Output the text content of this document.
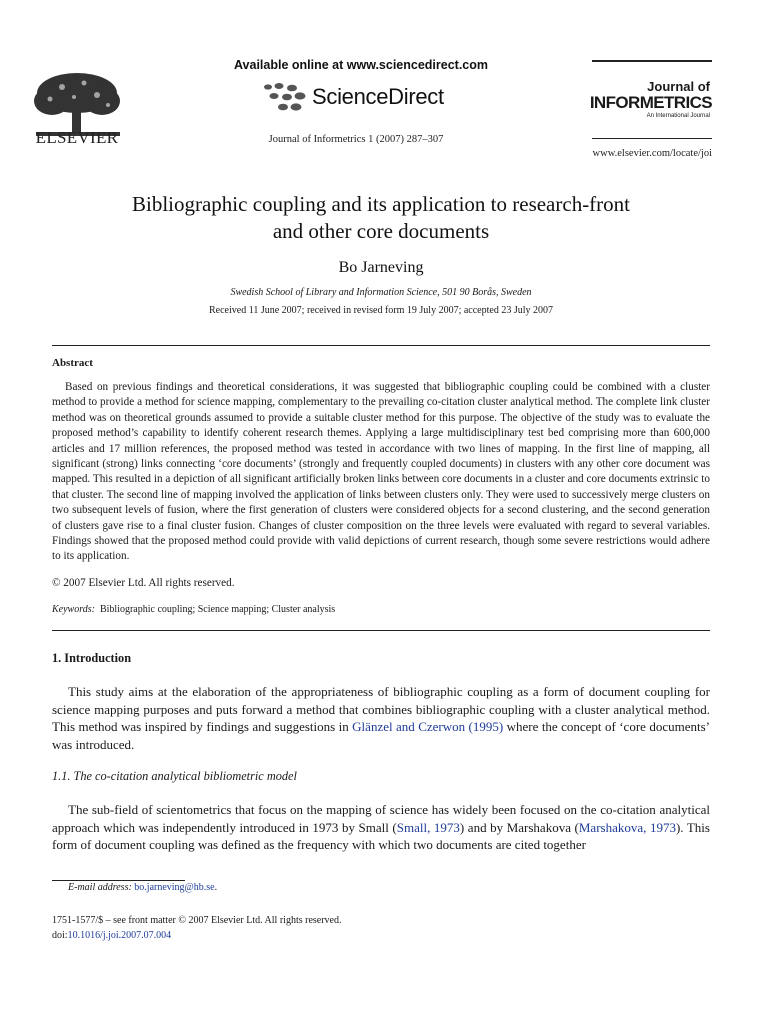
ELSEVIER
Available online at www.sciencedirect.com
ScienceDirect
Journal of Informetrics 1 (2007) 287–307
Journal of
INFORMETRICS
An International Journal
www.elsevier.com/locate/joi
Bibliographic coupling and its application to research-front
and other core documents
Bo Jarneving
Swedish School of Library and Information Science, 501 90 Borås, Sweden
Received 11 June 2007; received in revised form 19 July 2007; accepted 23 July 2007
Abstract
Based on previous findings and theoretical considerations, it was suggested that bibliographic coupling could be combined with a cluster method to provide a method for science mapping, complementary to the prevailing co-citation cluster analytical method. The complete link cluster method was on theoretical grounds assumed to provide a suitable cluster method for this purpose. The objective of the study was to evaluate the proposed method’s capability to identify coherent research themes. Applying a large multidisciplinary test bed comprising more than 600,000 articles and 17 million references, the proposed method was tested in accordance with two lines of mapping. In the first line of mapping, all significant (strong) links connecting ‘core documents’ (strongly and frequently coupled documents) in clusters with any other core document was mapped. This resulted in a depiction of all significant artificially broken links between core documents in a cluster and core documents extrinsic to that cluster. The second line of mapping involved the application of links between clusters only. They were used to successively merge clusters on two subsequent levels of fusion, where the first generation of clusters were considered objects for a second clustering, and the second generation of clusters gave rise to a final cluster fusion. Changes of cluster composition on the three levels were evaluated with regard to several variables. Findings showed that the proposed method could provide with valid depictions of current research, though some severe restrictions would adhere to its application.
© 2007 Elsevier Ltd. All rights reserved.
Keywords: Bibliographic coupling; Science mapping; Cluster analysis
1. Introduction
This study aims at the elaboration of the appropriateness of bibliographic coupling as a form of document coupling for science mapping purposes and puts forward a method that combines bibliographic coupling with a cluster analytical method. This method was inspired by findings and suggestions in Glänzel and Czerwon (1995) where the concept of ‘core documents’ was introduced.
1.1. The co-citation analytical bibliometric model
The sub-field of scientometrics that focus on the mapping of science has widely been focused on the co-citation analytical approach which was independently introduced in 1973 by Small (Small, 1973) and by Marshakova (Marshakova, 1973). This form of document coupling was defined as the frequency with which two documents are cited together
E-mail address: bo.jarneving@hb.se.
1751-1577/$ – see front matter © 2007 Elsevier Ltd. All rights reserved.
doi:10.1016/j.joi.2007.07.004
